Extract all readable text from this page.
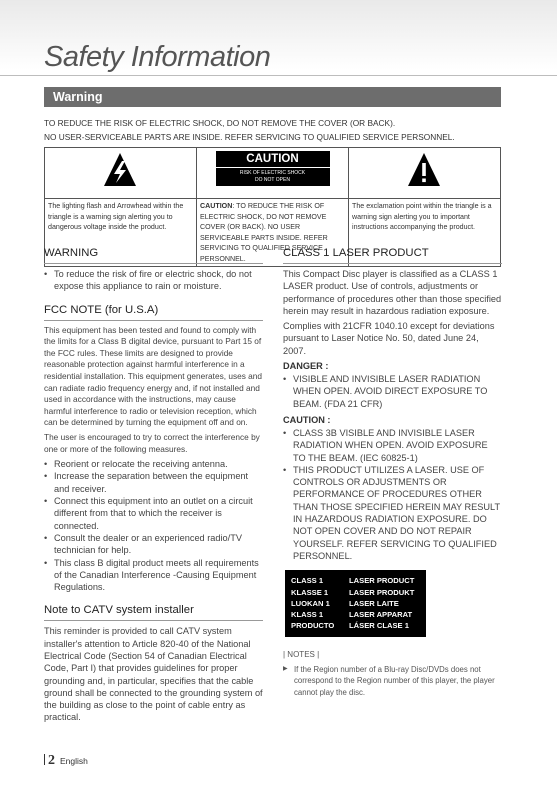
Safety Information
Warning
TO REDUCE THE RISK OF ELECTRIC SHOCK, DO NOT REMOVE THE COVER (OR BACK).
NO USER-SERVICEABLE PARTS ARE INSIDE. REFER SERVICING TO QUALIFIED SERVICE PERSONNEL.

CAUTION
RISK OF ELECTRIC SHOCK
DO NOT OPEN

The lighting flash and Arrowhead within the triangle is a warning sign alerting you to dangerous voltage inside the product.	CAUTION: TO REDUCE THE RISK OF ELECTRIC SHOCK, DO NOT REMOVE COVER (OR BACK). NO USER SERVICEABLE PARTS INSIDE. REFER SERVICING TO QUALIFIED SERVICE PERSONNEL.	The exclamation point within the triangle is a warning sign alerting you to important instructions accompanying the product.
WARNING
• To reduce the risk of fire or electric shock, do not expose this appliance to rain or moisture.
FCC NOTE (for U.S.A)

This equipment has been tested and found to comply with the limits for a Class B digital device, pursuant to Part 15 of the FCC rules. These limits are designed to provide reasonable protection against harmful interference in a residential installation. This equipment generates, uses and can radiate radio frequency energy and, if not installed and used in accordance with the instructions, may cause harmful interference to radio or television reception, which can be determined by turning the equipment off and on.

The user is encouraged to try to correct the interference by one or more of the following measures.

• Reorient or relocate the receiving antenna.
• Increase the separation between the equipment and receiver.
• Connect this equipment into an outlet on a circuit different from that to which the receiver is connected.
• Consult the dealer or an experienced radio/TV technician for help.
• This class B digital product meets all requirements of the Canadian Interference -Causing Equipment Regulations.
Note to CATV system installer

This reminder is provided to call CATV system installer's attention to Article 820-40 of the National Electrical Code (Section 54 of Canadian Electrical Code, Part I) that provides guidelines for proper grounding and, in particular, specifies that the cable ground shall be connected to the grounding system of the building as close to the point of cable entry as practical.

CLASS 1 LASER PRODUCT

This Compact Disc player is classified as a CLASS 1 LASER product. Use of controls, adjustments or performance of procedures other than those specified herein may result in hazardous radiation exposure.

Complies with 21CFR 1040.10 except for deviations pursuant to Laser Notice No. 50, dated June 24, 2007.

DANGER :
• VISIBLE AND INVISIBLE LASER RADIATION WHEN OPEN. AVOID DIRECT EXPOSURE TO BEAM. (FDA 21 CFR)
CAUTION :
• CLASS 3B VISIBLE AND INVISIBLE LASER RADIATION WHEN OPEN. AVOID EXPOSURE TO THE BEAM. (IEC 60825-1)
• THIS PRODUCT UTILIZES A LASER. USE OF CONTROLS OR ADJUSTMENTS OR PERFORMANCE OF PROCEDURES OTHER THAN THOSE SPECIFIED HEREIN MAY RESULT IN HAZARDOUS RADIATION EXPOSURE. DO NOT OPEN COVER AND DO NOT REPAIR YOURSELF. REFER SERVICING TO QUALIFIED PERSONNEL.
CLASS 1	LASER PRODUCT
KLASSE 1	LASER PRODUKT
LUOKAN 1	LASER LAITE
KLASS 1	LASER APPARAT
PRODUCTO	LÁSER CLASE 1
| NOTES |
▶ If the Region number of a Blu-ray Disc/DVDs does not correspond to the Region number of this player, the player cannot play the disc.
2 English
